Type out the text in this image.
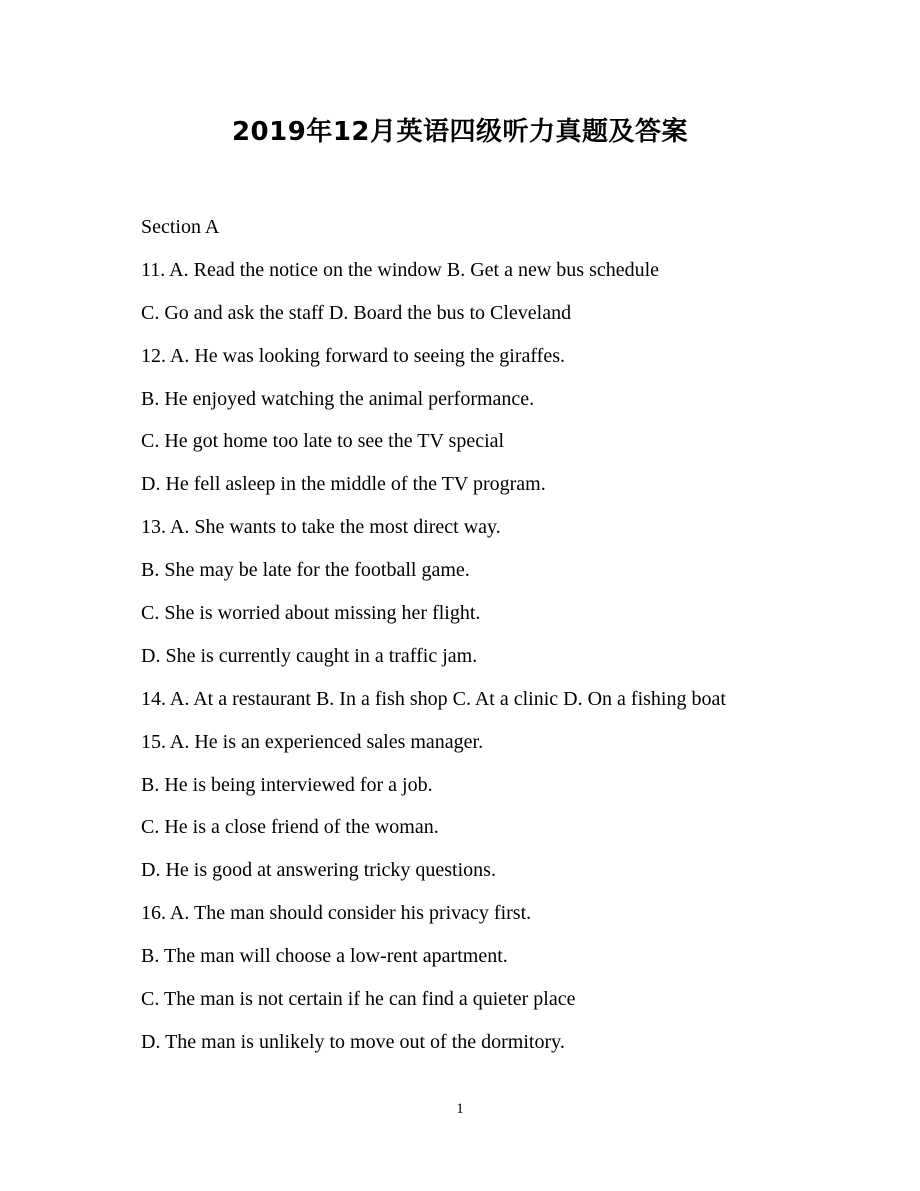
2019年12月英语四级听力真题及答案

Section A

11. A. Read the notice on the window B. Get a new bus schedule

C. Go and ask the staff D. Board the bus to Cleveland

12. A. He was looking forward to seeing the giraffes.

B. He enjoyed watching the animal performance.

C. He got home too late to see the TV special

D. He fell asleep in the middle of the TV program.

13. A. She wants to take the most direct way.

B. She may be late for the football game.

C. She is worried about missing her flight.

D. She is currently caught in a traffic jam.

14. A. At a restaurant B. In a fish shop C. At a clinic D. On a fishing boat

15. A. He is an experienced sales manager.

B. He is being interviewed for a job.

C. He is a close friend of the woman.

D. He is good at answering tricky questions.

16. A. The man should consider his privacy first.

B. The man will choose a low-rent apartment.

C. The man is not certain if he can find a quieter place

D. The man is unlikely to move out of the dormitory.

1
